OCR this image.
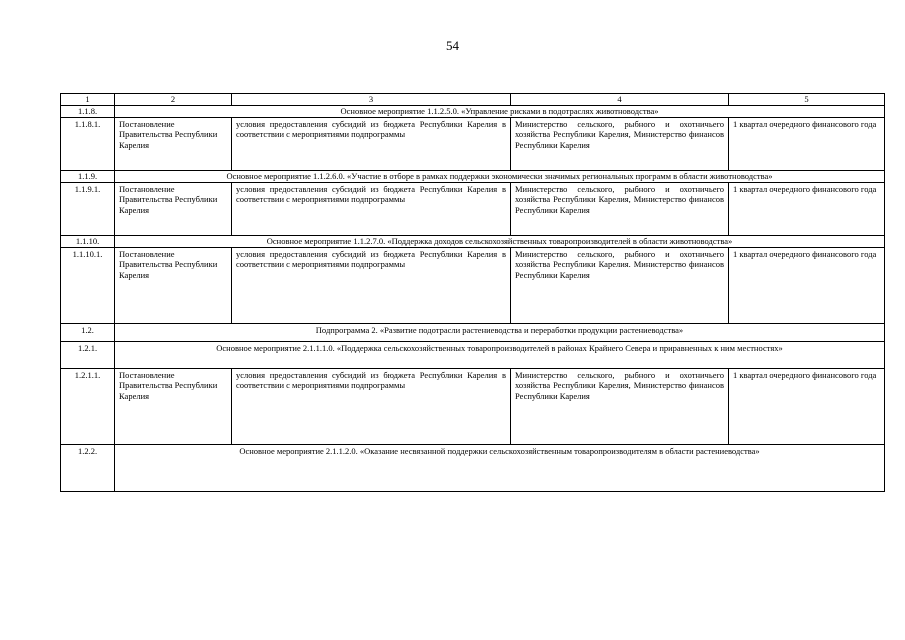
54
1	2	3	4	5
1.1.8.	Основное мероприятие 1.1.2.5.0. «Управление рисками в подотраслях животноводства»			
1.1.8.1.	Постановление Правительства Республики Карелия	условия предоставления субсидий из бюджета Республики Карелия в соответствии с мероприятиями подпрограммы	Министерство сельского, рыбного и охотничьего хозяйства Республики Карелия, Министерство финансов Республики Карелия	1 квартал очередного финансового года
1.1.9.	Основное мероприятие 1.1.2.6.0. «Участие в отборе в рамках поддержки экономически значимых региональных программ в области животноводства»			
1.1.9.1.	Постановление Правительства Республики Карелия	условия предоставления субсидий из бюджета Республики Карелия в соответствии с мероприятиями подпрограммы	Министерство сельского, рыбного и охотничьего хозяйства Республики Карелия, Министерство финансов Республики Карелия	1 квартал очередного финансового года
1.1.10.	Основное мероприятие 1.1.2.7.0. «Поддержка доходов сельскохозяйственных товаропроизводителей в области животноводства»			
1.1.10.1.	Постановление Правительства Республики Карелия	условия предоставления субсидий из бюджета Республики Карелия в соответствии с мероприятиями подпрограммы	Министерство сельского, рыбного и охотничьего хозяйства Республики Карелия. Министерство финансов Республики Карелия	1 квартал очередного финансового года
1.2.	Подпрограмма 2. «Развитие подотрасли растениеводства и переработки продукции растениеводства»			
1.2.1.	Основное мероприятие 2.1.1.1.0. «Поддержка сельскохозяйственных товаропроизводителей в районах Крайнего Севера и приравненных к ним местностях»			
1.2.1.1.	Постановление Правительства Республики Карелия	условия предоставления субсидий из бюджета Республики Карелия в соответствии с мероприятиями подпрограммы	Министерство сельского, рыбного и охотничьего хозяйства Республики Карелия, Министерство финансов Республики Карелия	1 квартал очередного финансового года
1.2.2.	Основное мероприятие 2.1.1.2.0. «Оказание несвязанной поддержки сельскохозяйственным товаропроизводителям в области растениеводства»			
